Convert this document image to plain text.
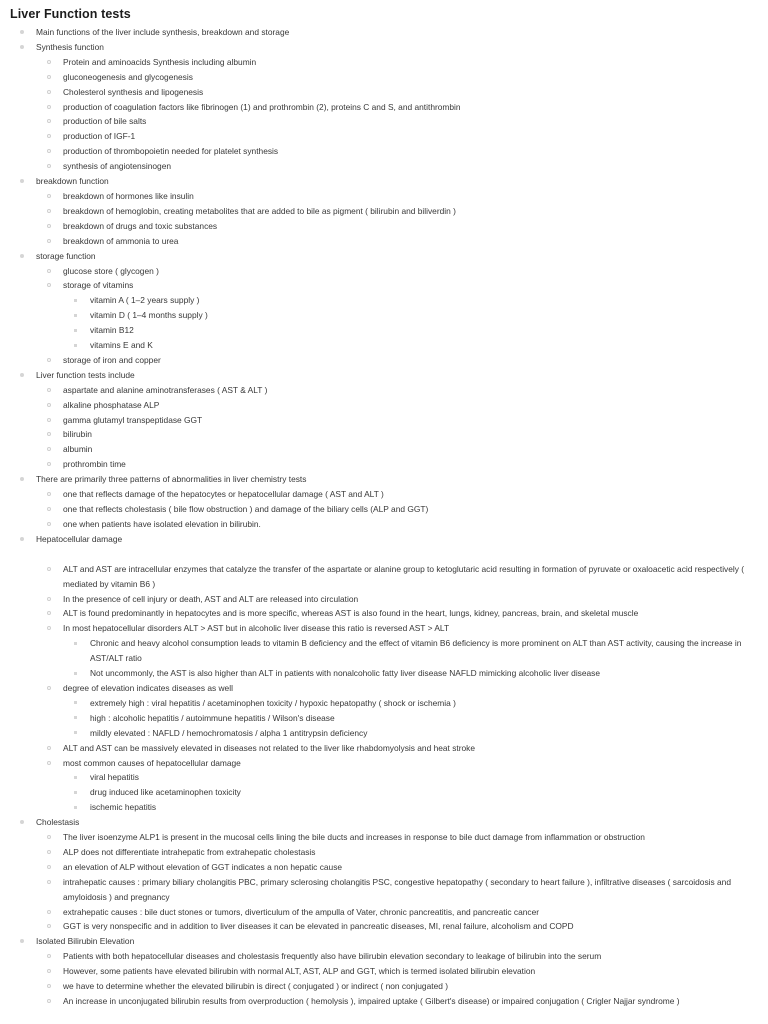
Liver Function tests
Main functions of the liver include synthesis, breakdown and storage
Synthesis function
Protein and aminoacids Synthesis including albumin
gluconeogenesis and glycogenesis
Cholesterol synthesis and lipogenesis
production of coagulation factors like fibrinogen (1) and prothrombin (2), proteins C and S, and antithrombin
production of bile salts
production of IGF-1
production of thrombopoietin needed for platelet synthesis
synthesis of angiotensinogen
breakdown function
breakdown of hormones like insulin
breakdown of hemoglobin, creating metabolites that are added to bile as pigment ( bilirubin and biliverdin )
breakdown of drugs and toxic substances
breakdown of ammonia to urea
storage function
glucose store ( glycogen )
storage of vitamins
vitamin A ( 1–2 years supply )
vitamin D ( 1–4 months supply )
vitamin B12
vitamins E and K
storage of iron and copper
Liver function tests include
aspartate and alanine aminotransferases ( AST & ALT )
alkaline phosphatase ALP
gamma glutamyl transpeptidase GGT
bilirubin
albumin
prothrombin time
There are primarily three patterns of abnormalities in liver chemistry tests
one that reflects damage of the hepatocytes or hepatocellular damage ( AST and ALT )
one that reflects cholestasis ( bile flow obstruction ) and damage of the biliary cells (ALP and GGT)
one when patients have isolated elevation in bilirubin.
Hepatocellular damage
ALT and AST are intracellular enzymes that catalyze the transfer of the aspartate or alanine group to ketoglutaric acid resulting in formation of pyruvate or oxaloacetic acid respectively ( mediated by vitamin B6 )
In the presence of cell injury or death, AST and ALT are released into circulation
ALT is found predominantly in hepatocytes and is more specific, whereas AST is also found in the heart, lungs, kidney, pancreas, brain, and skeletal muscle
In most hepatocellular disorders ALT > AST but in alcoholic liver disease this ratio is reversed AST > ALT
Chronic and heavy alcohol consumption leads to vitamin B deficiency and the effect of vitamin B6 deficiency is more prominent on ALT than AST activity, causing the increase in AST/ALT ratio
Not uncommonly, the AST is also higher than ALT in patients with nonalcoholic fatty liver disease NAFLD mimicking alcoholic liver disease
degree of elevation indicates diseases as well
extremely high : viral hepatitis / acetaminophen toxicity / hypoxic hepatopathy ( shock or ischemia )
high : alcoholic hepatitis / autoimmune hepatitis / Wilson's disease
mildly elevated : NAFLD / hemochromatosis / alpha 1 antitrypsin deficiency
ALT and AST can be massively elevated in diseases not related to the liver like rhabdomyolysis and heat stroke
most common causes of hepatocellular damage
viral hepatitis
drug induced like acetaminophen toxicity
ischemic hepatitis
Cholestasis
The liver isoenzyme ALP1 is present in the mucosal cells lining the bile ducts and increases in response to bile duct damage from inflammation or obstruction
ALP does not differentiate intrahepatic from extrahepatic cholestasis
an elevation of ALP without elevation of GGT indicates a non hepatic cause
intrahepatic causes : primary biliary cholangitis PBC, primary sclerosing cholangitis PSC, congestive hepatopathy ( secondary to heart failure ), infiltrative diseases ( sarcoidosis and amyloidosis ) and pregnancy
extrahepatic causes : bile duct stones or tumors, diverticulum of the ampulla of Vater, chronic pancreatitis, and pancreatic cancer
GGT is very nonspecific and in addition to liver diseases it can be elevated in pancreatic diseases, MI, renal failure, alcoholism and COPD
Isolated Bilirubin Elevation
Patients with both hepatocellular diseases and cholestasis frequently also have bilirubin elevation secondary to leakage of bilirubin into the serum
However, some patients have elevated bilirubin with normal ALT, AST, ALP and GGT, which is termed isolated bilirubin elevation
we have to determine whether the elevated bilirubin is direct ( conjugated ) or indirect ( non conjugated )
An increase in unconjugated bilirubin results from overproduction ( hemolysis ), impaired uptake ( Gilbert's disease) or impaired conjugation ( Crigler Najjar syndrome )
